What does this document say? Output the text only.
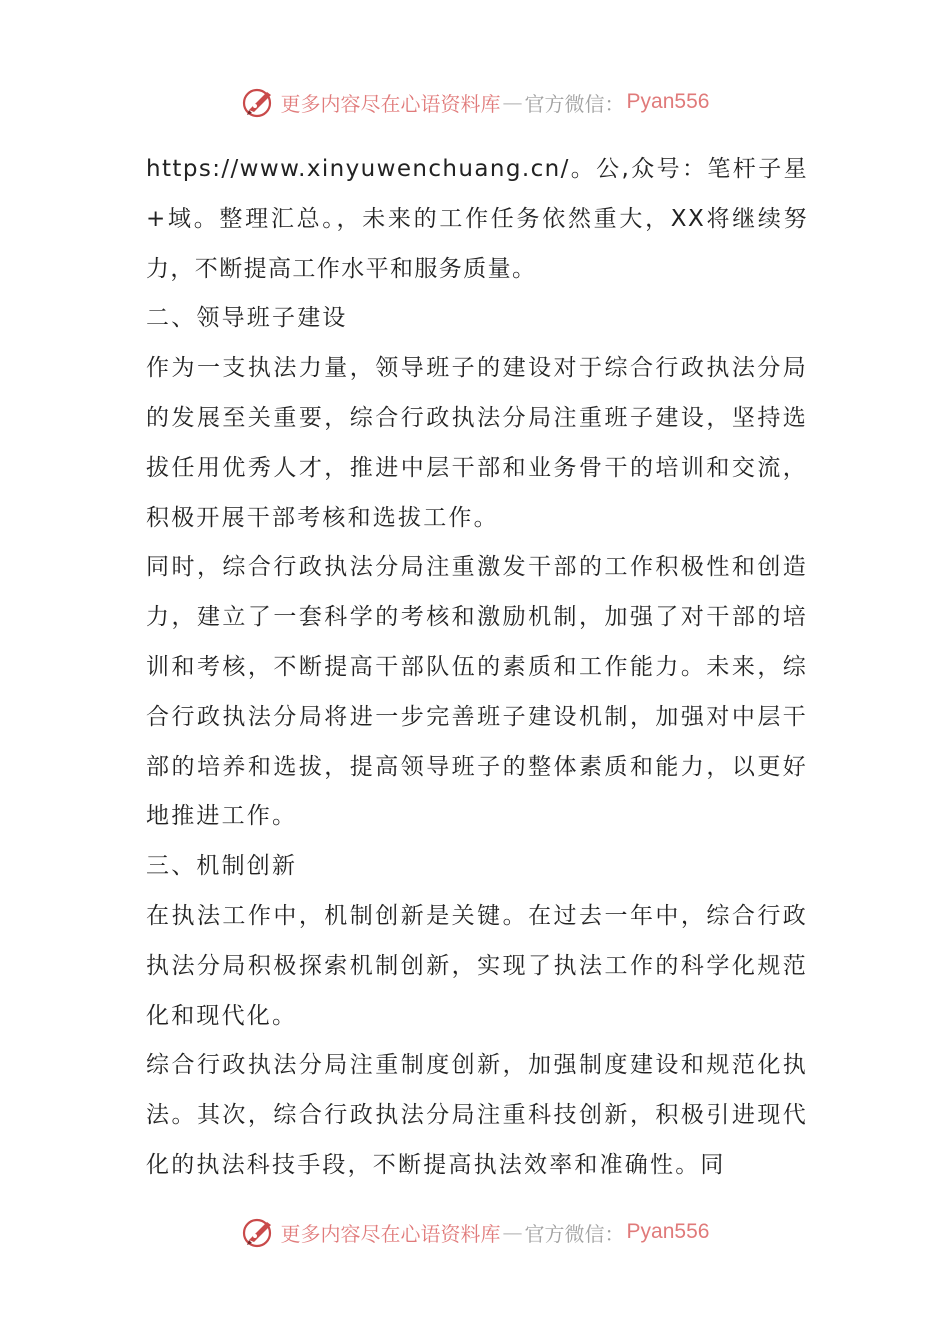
更多内容尽在心语资料库 — 官方微信： Pyan556

https://www.xinyuwenchuang.cn/。公,众号：笔杆子星+域。整理汇总。，未来的工作任务依然重大，XX将继续努力，不断提高工作水平和服务质量。

二、领导班子建设

作为一支执法力量，领导班子的建设对于综合行政执法分局的发展至关重要，综合行政执法分局注重班子建设，坚持选拔任用优秀人才，推进中层干部和业务骨干的培训和交流，积极开展干部考核和选拔工作。

同时，综合行政执法分局注重激发干部的工作积极性和创造力，建立了一套科学的考核和激励机制，加强了对干部的培训和考核，不断提高干部队伍的素质和工作能力。未来，综合行政执法分局将进一步完善班子建设机制，加强对中层干部的培养和选拔，提高领导班子的整体素质和能力，以更好地推进工作。

三、机制创新

在执法工作中，机制创新是关键。在过去一年中，综合行政执法分局积极探索机制创新，实现了执法工作的科学化规范化和现代化。

综合行政执法分局注重制度创新，加强制度建设和规范化执法。其次，综合行政执法分局注重科技创新，积极引进现代化的执法科技手段，不断提高执法效率和准确性。同

更多内容尽在心语资料库 — 官方微信： Pyan556
